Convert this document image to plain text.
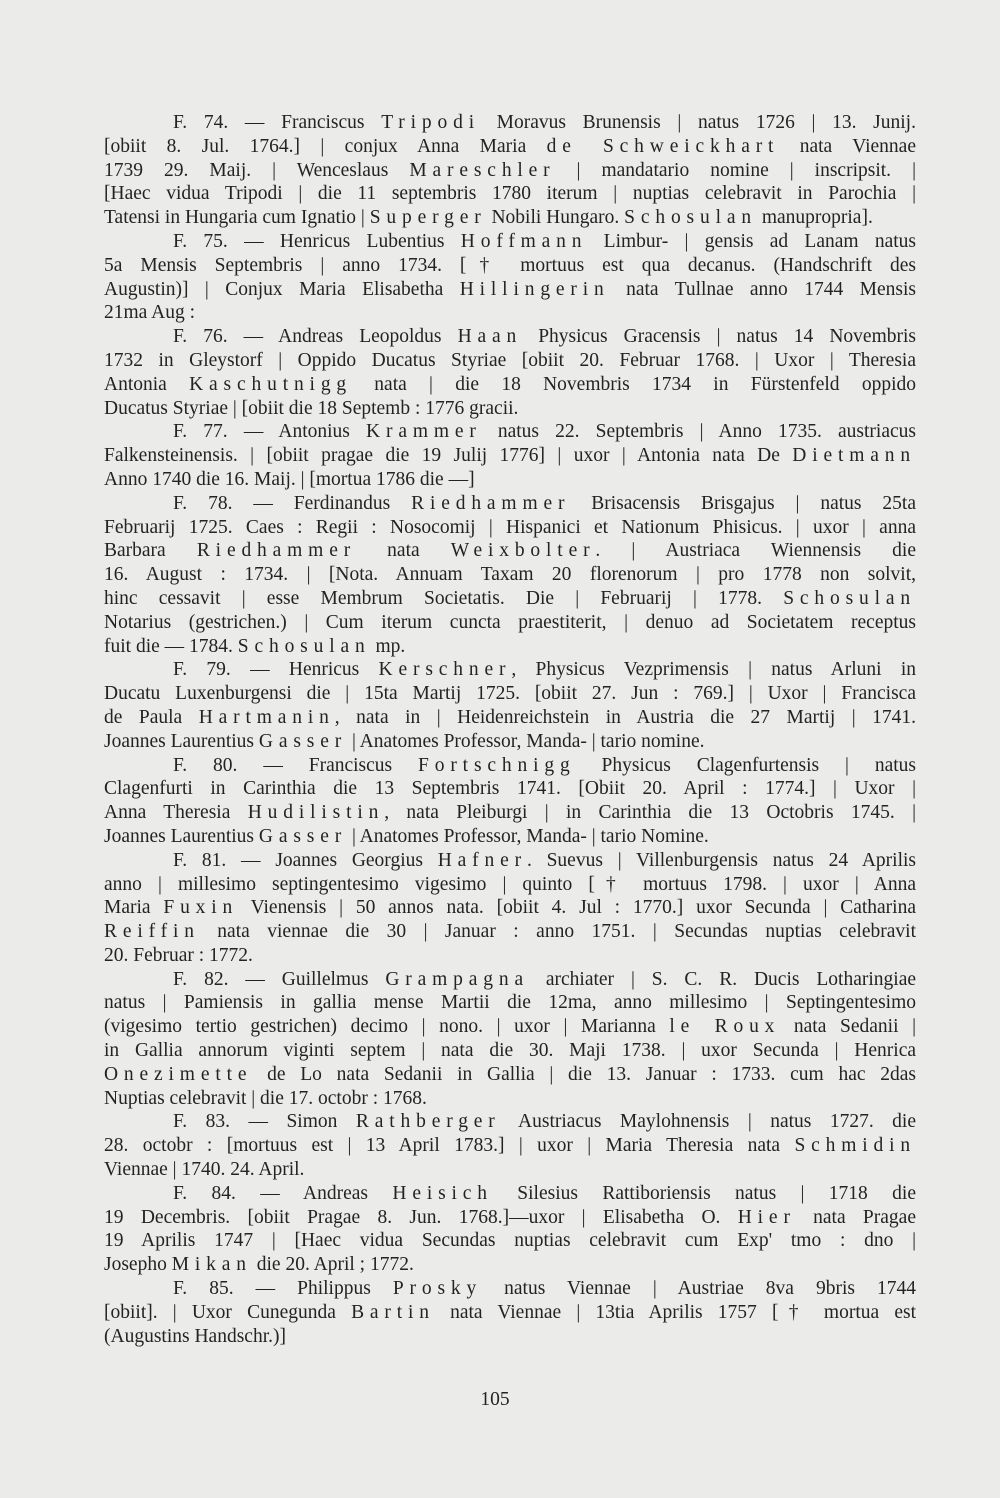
F. 74. — Franciscus Tripodi Moravus Brunensis | natus 1726 | 13. Junij.
[obiit 8. Jul. 1764.] | conjux Anna Maria de Schweickhart nata Viennae
1739 29. Maij. | Wenceslaus Mareschler | mandatario nomine | inscripsit. |
[Haec vidua Tripodi | die 11 septembris 1780 iterum | nuptias celebravit in Parochia |
Tatensi in Hungaria cum Ignatio | Superger Nobili Hungaro. Schosulan manupropria].
F. 75. — Henricus Lubentius Hoffmann Limbur- | gensis ad Lanam natus
5a Mensis Septembris | anno 1734. [† mortuus est qua decanus. (Handschrift des
Augustin)] | Conjux Maria Elisabetha Hillingerin nata Tullnae anno 1744 Mensis
21ma Aug :
F. 76. — Andreas Leopoldus Haan Physicus Gracensis | natus 14 Novembris
1732 in Gleystorf | Oppido Ducatus Styriae [obiit 20. Februar 1768. | Uxor | Theresia
Antonia Kaschutnigg nata | die 18 Novembris 1734 in Fürstenfeld oppido
Ducatus Styriae | [obiit die 18 Septemb : 1776 gracii.
F. 77. — Antonius Krammer natus 22. Septembris | Anno 1735. austriacus
Falkensteinensis. | [obiit pragae die 19 Julij 1776] | uxor | Antonia nata De Dietmann
Anno 1740 die 16. Maij. | [mortua 1786 die —]
F. 78. — Ferdinandus Riedhammer Brisacensis Brisgajus | natus 25ta
Februarij 1725. Caes : Regii : Nosocomij | Hispanici et Nationum Phisicus. | uxor | anna
Barbara Riedhammer nata Weixbolter. | Austriaca Wiennensis die
16. August : 1734. | [Nota. Annuam Taxam 20 florenorum | pro 1778 non solvit,
hinc cessavit | esse Membrum Societatis. Die | Februarij | 1778. Schosulan
Notarius (gestrichen.) | Cum iterum cuncta praestiterit, | denuo ad Societatem receptus
fuit die — 1784. Schosulan mp.
F. 79. — Henricus Kerschner, Physicus Vezprimensis | natus Arluni in
Ducatu Luxenburgensi die | 15ta Martij 1725. [obiit 27. Jun : 769.] | Uxor | Francisca
de Paula Hartmanin, nata in | Heidenreichstein in Austria die 27 Martij | 1741.
Joannes Laurentius Gasser | Anatomes Professor, Manda- | tario nomine.
F. 80. — Franciscus Fortschnigg Physicus Clagenfurtensis | natus
Clagenfurti in Carinthia die 13 Septembris 1741. [Obiit 20. April : 1774.] | Uxor |
Anna Theresia Hudilistin, nata Pleiburgi | in Carinthia die 13 Octobris 1745. |
Joannes Laurentius Gasser | Anatomes Professor, Manda- | tario Nomine.
F. 81. — Joannes Georgius Hafner. Suevus | Villenburgensis natus 24 Aprilis
anno | millesimo septingentesimo vigesimo | quinto [† mortuus 1798. | uxor | Anna
Maria Fuxin Vienensis | 50 annos nata. [obiit 4. Jul : 1770.] uxor Secunda | Catharina
Reiffin nata viennae die 30 | Januar : anno 1751. | Secundas nuptias celebravit
20. Februar : 1772.
F. 82. — Guillelmus Grampagna archiater | S. C. R. Ducis Lotharingiae
natus | Pamiensis in gallia mense Martii die 12ma, anno millesimo | Septingentesimo
(vigesimo tertio gestrichen) decimo | nono. | uxor | Marianna le Roux nata Sedanii |
in Gallia annorum viginti septem | nata die 30. Maji 1738. | uxor Secunda | Henrica
Onezimette de Lo nata Sedanii in Gallia | die 13. Januar : 1733. cum hac 2das
Nuptias celebravit | die 17. octobr : 1768.
F. 83. — Simon Rathberger Austriacus Maylohnensis | natus 1727. die
28. octobr : [mortuus est | 13 April 1783.] | uxor | Maria Theresia nata Schmidin
Viennae | 1740. 24. April.
F. 84. — Andreas Heisich Silesius Rattiboriensis natus | 1718 die
19 Decembris. [obiit Pragae 8. Jun. 1768.]—uxor | Elisabetha O. Hier nata Pragae
19 Aprilis 1747 | [Haec vidua Secundas nuptias celebravit cum Exp' tmo : dno |
Josepho Mikan die 20. April ; 1772.
F. 85. — Philippus Prosky natus Viennae | Austriae 8va 9bris 1744
[obiit]. | Uxor Cunegunda Bartin nata Viennae | 13tia Aprilis 1757 [† mortua est
(Augustins Handschr.)]
105
